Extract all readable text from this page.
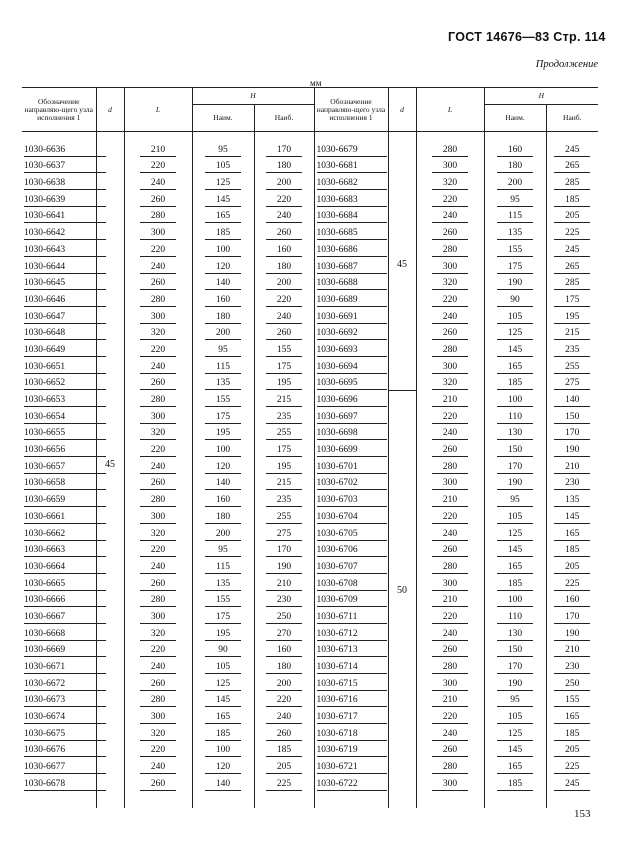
ГОСТ 14676—83 Стр. 114
Продолжение
мм
Обозначение направляю-щего узла исполнения 1	d	L	H		Обозначение направляю-щего узла исполнения 1	d	L	H	
			Наим.	Наиб.				Наим.	Наиб.
1030-6636	45	210	95	170	1030-6679	45	280	160	245
1030-6637		220	105	180	1030-6681		300	180	265
1030-6638		240	125	200	1030-6682		320	200	285
1030-6639		260	145	220	1030-6683		220	95	185
1030-6641		280	165	240	1030-6684		240	115	205
1030-6642		300	185	260	1030-6685		260	135	225
1030-6643		220	100	160	1030-6686		280	155	245
1030-6644		240	120	180	1030-6687		300	175	265
1030-6645		260	140	200	1030-6688		320	190	285
1030-6646		280	160	220	1030-6689		220	90	175
1030-6647		300	180	240	1030-6691		240	105	195
1030-6648		320	200	260	1030-6692		260	125	215
1030-6649		220	95	155	1030-6693		280	145	235
1030-6651		240	115	175	1030-6694		300	165	255
1030-6652		260	135	195	1030-6695		320	185	275
1030-6653		280	155	215	1030-6696	50	210	100	140
1030-6654		300	175	235	1030-6697		220	110	150
1030-6655		320	195	255	1030-6698		240	130	170
1030-6656		220	100	175	1030-6699		260	150	190
1030-6657		240	120	195	1030-6701		280	170	210
1030-6658		260	140	215	1030-6702		300	190	230
1030-6659		280	160	235	1030-6703		210	95	135
1030-6661		300	180	255	1030-6704		220	105	145
1030-6662		320	200	275	1030-6705		240	125	165
1030-6663		220	95	170	1030-6706		260	145	185
1030-6664		240	115	190	1030-6707		280	165	205
1030-6665		260	135	210	1030-6708		300	185	225
1030-6666		280	155	230	1030-6709		210	100	160
1030-6667		300	175	250	1030-6711		220	110	170
1030-6668		320	195	270	1030-6712		240	130	190
1030-6669		220	90	160	1030-6713		260	150	210
1030-6671		240	105	180	1030-6714		280	170	230
1030-6672		260	125	200	1030-6715		300	190	250
1030-6673		280	145	220	1030-6716		210	95	155
1030-6674		300	165	240	1030-6717		220	105	165
1030-6675		320	185	260	1030-6718		240	125	185
1030-6676		220	100	185	1030-6719		260	145	205
1030-6677		240	120	205	1030-6721		280	165	225
1030-6678		260	140	225	1030-6722		300	185	245

153
